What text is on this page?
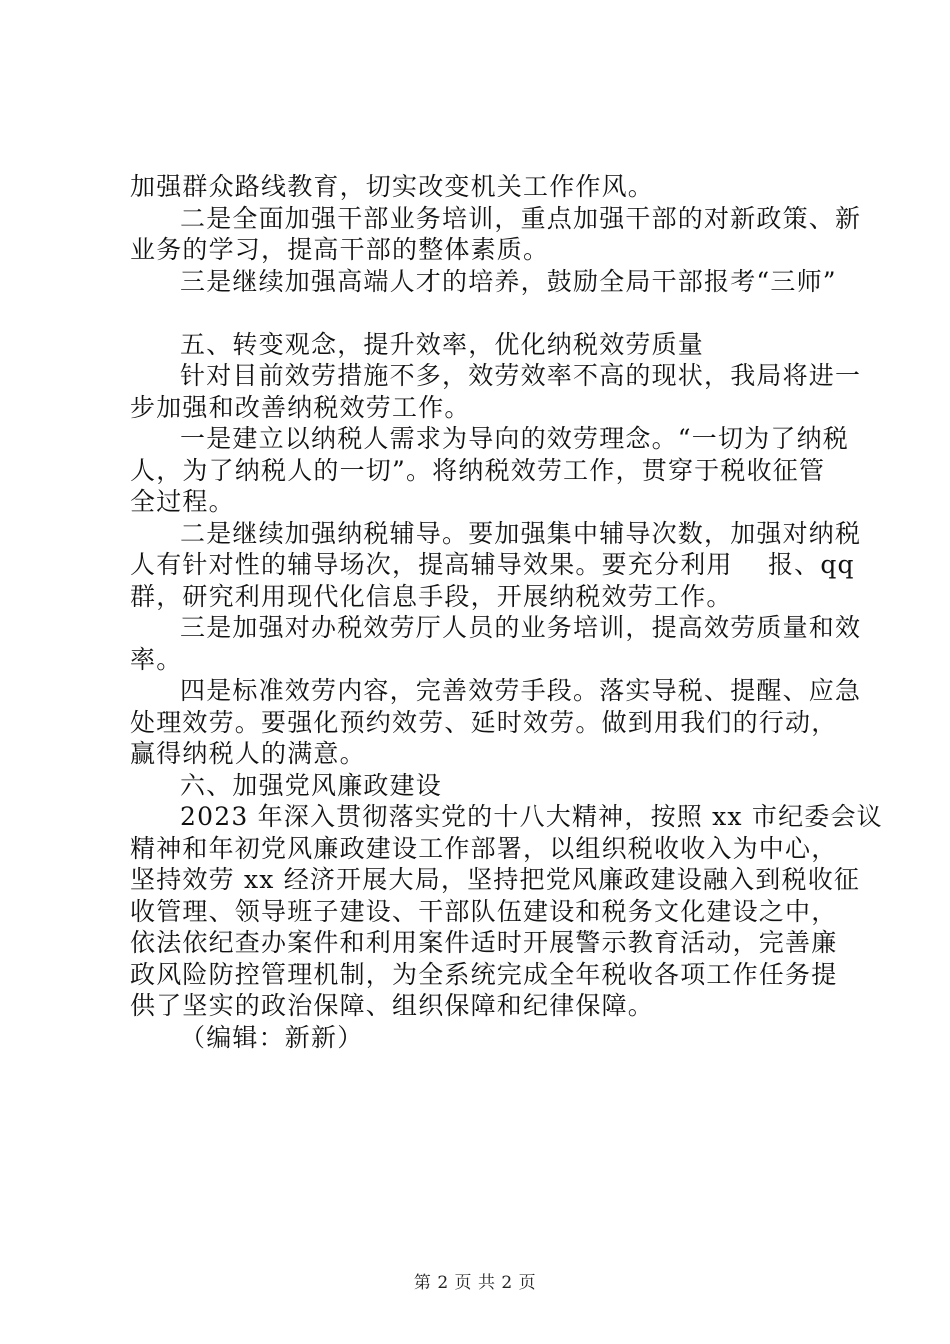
加强群众路线教育，切实改变机关工作作风。
二是全面加强干部业务培训，重点加强干部的对新政策、新
业务的学习，提高干部的整体素质。
三是继续加强高端人才的培养，鼓励全局干部报考“三师”
五、转变观念，提升效率，优化纳税效劳质量
针对目前效劳措施不多，效劳效率不高的现状，我局将进一
步加强和改善纳税效劳工作。
一是建立以纳税人需求为导向的效劳理念。“一切为了纳税
人，为了纳税人的一切”。将纳税效劳工作，贯穿于税收征管
全过程。
二是继续加强纳税辅导。要加强集中辅导次数，加强对纳税
人有针对性的辅导场次，提高辅导效果。要充分利用　 报、qq
群，研究利用现代化信息手段，开展纳税效劳工作。
三是加强对办税效劳厅人员的业务培训，提高效劳质量和效
率。
四是标准效劳内容，完善效劳手段。落实导税、提醒、应急
处理效劳。要强化预约效劳、延时效劳。做到用我们的行动，
赢得纳税人的满意。
六、加强党风廉政建设
2023 年深入贯彻落实党的十八大精神，按照 xx 市纪委会议
精神和年初党风廉政建设工作部署，以组织税收收入为中心，
坚持效劳 xx 经济开展大局，坚持把党风廉政建设融入到税收征
收管理、领导班子建设、干部队伍建设和税务文化建设之中，
依法依纪查办案件和利用案件适时开展警示教育活动，完善廉
政风险防控管理机制，为全系统完成全年税收各项工作任务提
供了坚实的政治保障、组织保障和纪律保障。
（编辑：新新）
第 2 页 共 2 页
